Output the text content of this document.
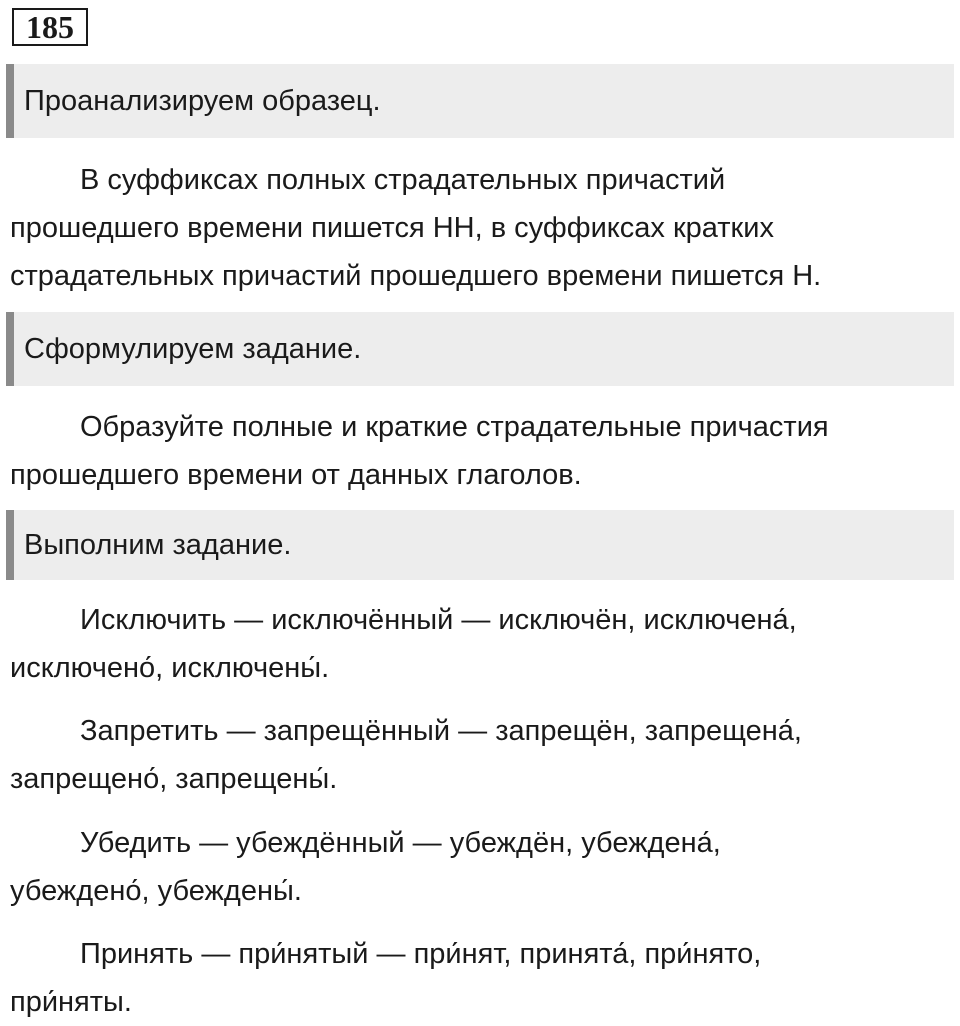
185
Проанализируем образец.

В суффиксах полных страдательных причастий
прошедшего времени пишется НН, в суффиксах кратких
страдательных причастий прошедшего времени пишется Н.

Сформулируем задание.

Образуйте полные и краткие страдательные причастия
прошедшего времени от данных глаголов.

Выполним задание.

Исключить — исключённый — исключён, исключена́,
исключено́, исключены́.

Запретить — запрещённый — запрещён, запрещена́,
запрещено́, запрещены́.

Убедить — убеждённый — убеждён, убеждена́,
убеждено́, убеждены́.

Принять — при́нятый — при́нят, принята́, при́нято,
при́няты.
